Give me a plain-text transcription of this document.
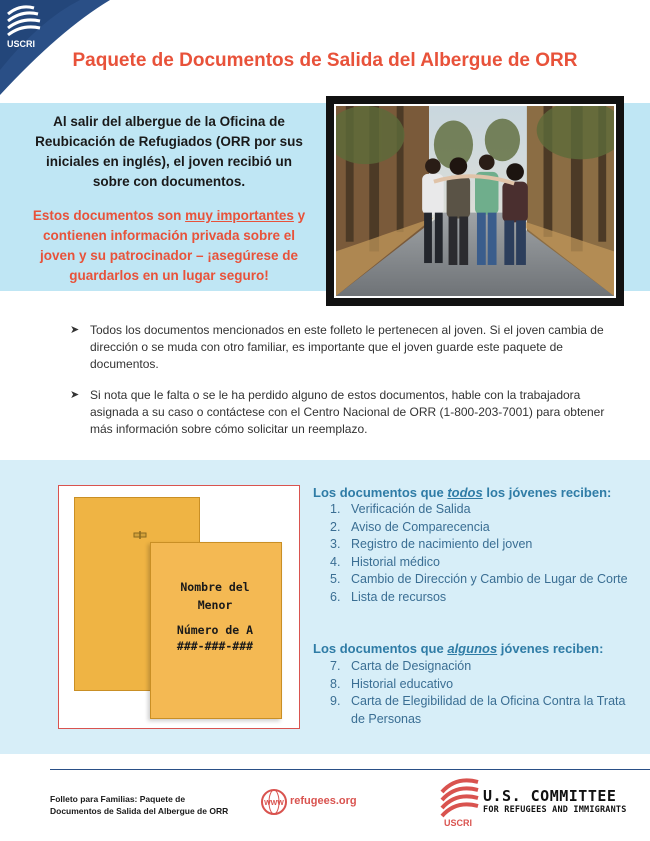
USCRI
Paquete de Documentos de Salida del Albergue de ORR
Al salir del albergue de la Oficina de Reubicación de Refugiados (ORR por sus iniciales en inglés), el joven recibió un sobre con documentos.
Estos documentos son muy importantes y contienen información privada sobre el joven y su patrocinador – ¡asegúrese de guardarlos en un lugar seguro!
➤ Todos los documentos mencionados en este folleto le pertenecen al joven. Si el joven cambia de dirección o se muda con otro familiar, es importante que el joven guarde este paquete de documentos.
➤ Si nota que le falta o se le ha perdido alguno de estos documentos, hable con la trabajadora asignada a su caso o contáctese con el Centro Nacional de ORR (1-800-203-7001) para obtener más información sobre cómo solicitar un reemplazo.
Nombre del
Menor
Número de A
###-###-###
Los documentos que todos los jóvenes reciben:
1. Verificación de Salida
2. Aviso de Comparecencia
3. Registro de nacimiento del joven
4. Historial médico
5. Cambio de Dirección y Cambio de Lugar de Corte
6. Lista de recursos
Los documentos que algunos jóvenes reciben:
7. Carta de Designación
8. Historial educativo
9. Carta de Elegibilidad de la Oficina Contra la Trata de Personas
Folleto para Familias: Paquete de
Documentos de Salida del Albergue de ORR
WWW refugees.org
USCRI
U.S. COMMITTEE
FOR REFUGEES AND IMMIGRANTS
